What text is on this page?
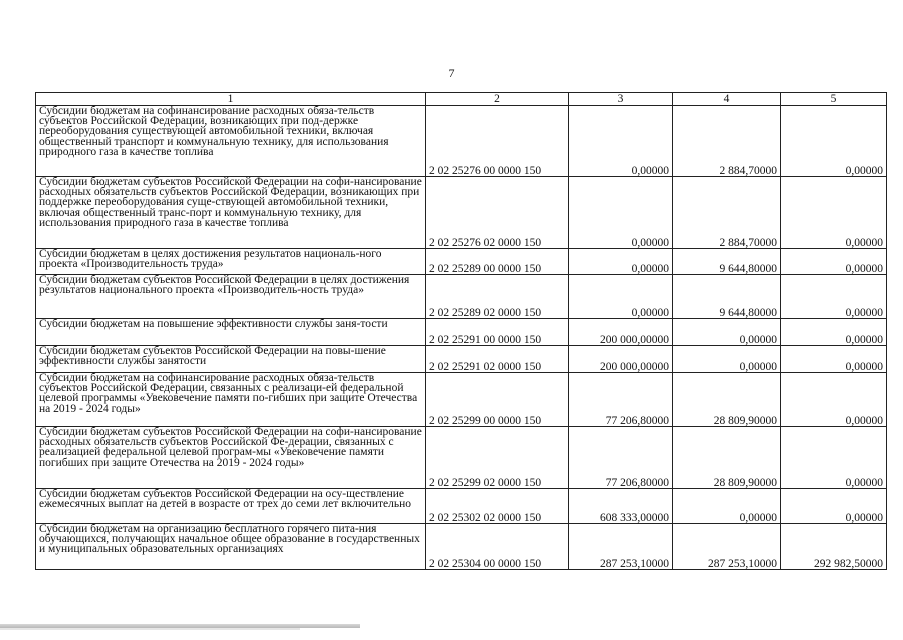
7
1	2	3	4	5
Субсидии бюджетам на софинансирование расходных обяза-тельств субъектов Российской Федерации, возникающих при под-держке переоборудования существующей автомобильной техники, включая общественный транспорт и коммунальную технику, для использования природного газа в качестве топлива	2 02 25276 00 0000 150	0,00000	2 884,70000	0,00000
Субсидии бюджетам субъектов Российской Федерации на софи-нансирование расходных обязательств субъектов Российской Федерации, возникающих при поддержке переоборудования суще-ствующей автомобильной техники, включая общественный транс-порт и коммунальную технику, для использования природного газа в качестве топлива	2 02 25276 02 0000 150	0,00000	2 884,70000	0,00000
Субсидии бюджетам в целях достижения результатов националь-ного проекта «Производительность труда»	2 02 25289 00 0000 150	0,00000	9 644,80000	0,00000
Субсидии бюджетам субъектов Российской Федерации в целях достижения результатов национального проекта «Производитель-ность труда»	2 02 25289 02 0000 150	0,00000	9 644,80000	0,00000
Субсидии бюджетам на повышение эффективности службы заня-тости	2 02 25291 00 0000 150	200 000,00000	0,00000	0,00000
Субсидии бюджетам субъектов Российской Федерации на повы-шение эффективности службы занятости	2 02 25291 02 0000 150	200 000,00000	0,00000	0,00000
Субсидии бюджетам на софинансирование расходных обяза-тельств субъектов Российской Федерации, связанных с реализаци-ей федеральной целевой программы «Увековечение памяти по-гибших при защите Отечества на 2019 - 2024 годы»	2 02 25299 00 0000 150	77 206,80000	28 809,90000	0,00000
Субсидии бюджетам субъектов Российской Федерации на софи-нансирование расходных обязательств субъектов Российской Фе-дерации, связанных с реализацией федеральной целевой програм-мы «Увековечение памяти погибших при защите Отечества на 2019 - 2024 годы»	2 02 25299 02 0000 150	77 206,80000	28 809,90000	0,00000
Субсидии бюджетам субъектов Российской Федерации на осу-ществление ежемесячных выплат на детей в возрасте от трех до семи лет включительно	2 02 25302 02 0000 150	608 333,00000	0,00000	0,00000
Субсидии бюджетам на организацию бесплатного горячего пита-ния обучающихся, получающих начальное общее образование в государственных и муниципальных образовательных организациях	2 02 25304 00 0000 150	287 253,10000	287 253,10000	292 982,50000
